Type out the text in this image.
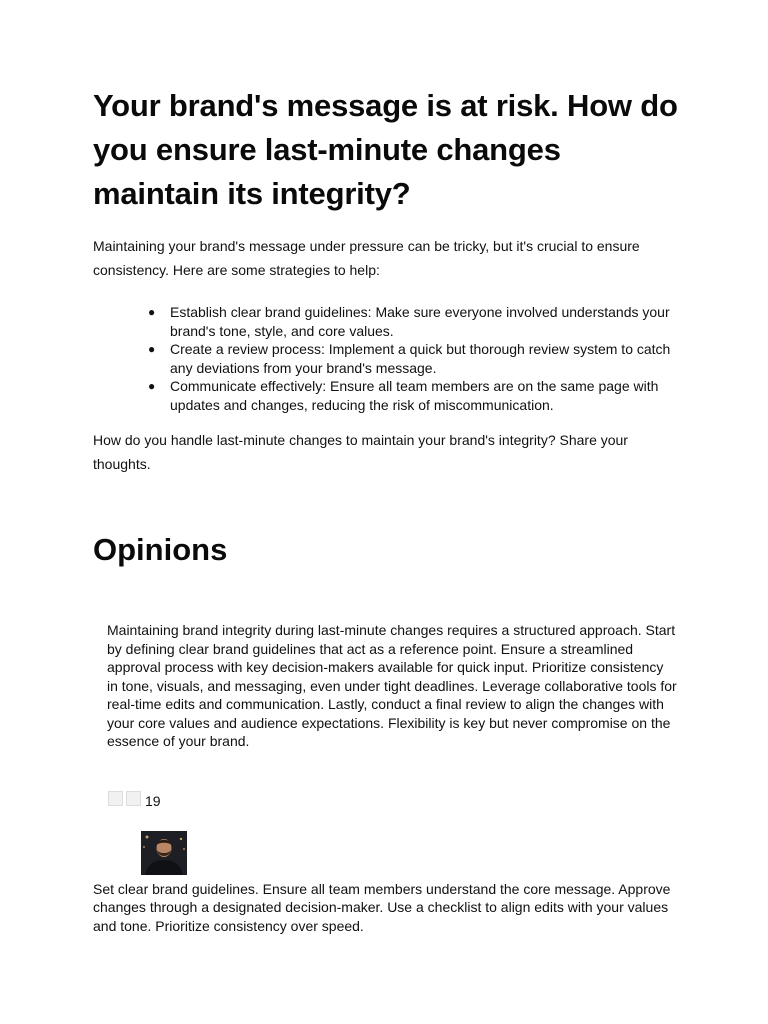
Your brand's message is at risk. How do you ensure last-minute changes maintain its integrity?

Maintaining your brand's message under pressure can be tricky, but it's crucial to ensure consistency. Here are some strategies to help:

● Establish clear brand guidelines: Make sure everyone involved understands your brand's tone, style, and core values.
● Create a review process: Implement a quick but thorough review system to catch any deviations from your brand's message.
● Communicate effectively: Ensure all team members are on the same page with updates and changes, reducing the risk of miscommunication.

How do you handle last-minute changes to maintain your brand's integrity? Share your thoughts.

Opinions
Maintaining brand integrity during last-minute changes requires a structured approach. Start by defining clear brand guidelines that act as a reference point. Ensure a streamlined approval process with key decision-makers available for quick input. Prioritize consistency in tone, visuals, and messaging, even under tight deadlines. Leverage collaborative tools for real-time edits and communication. Lastly, conduct a final review to align the changes with your core values and audience expectations. Flexibility is key but never compromise on the essence of your brand.
19
Set clear brand guidelines. Ensure all team members understand the core message. Approve changes through a designated decision-maker. Use a checklist to align edits with your values and tone. Prioritize consistency over speed.
